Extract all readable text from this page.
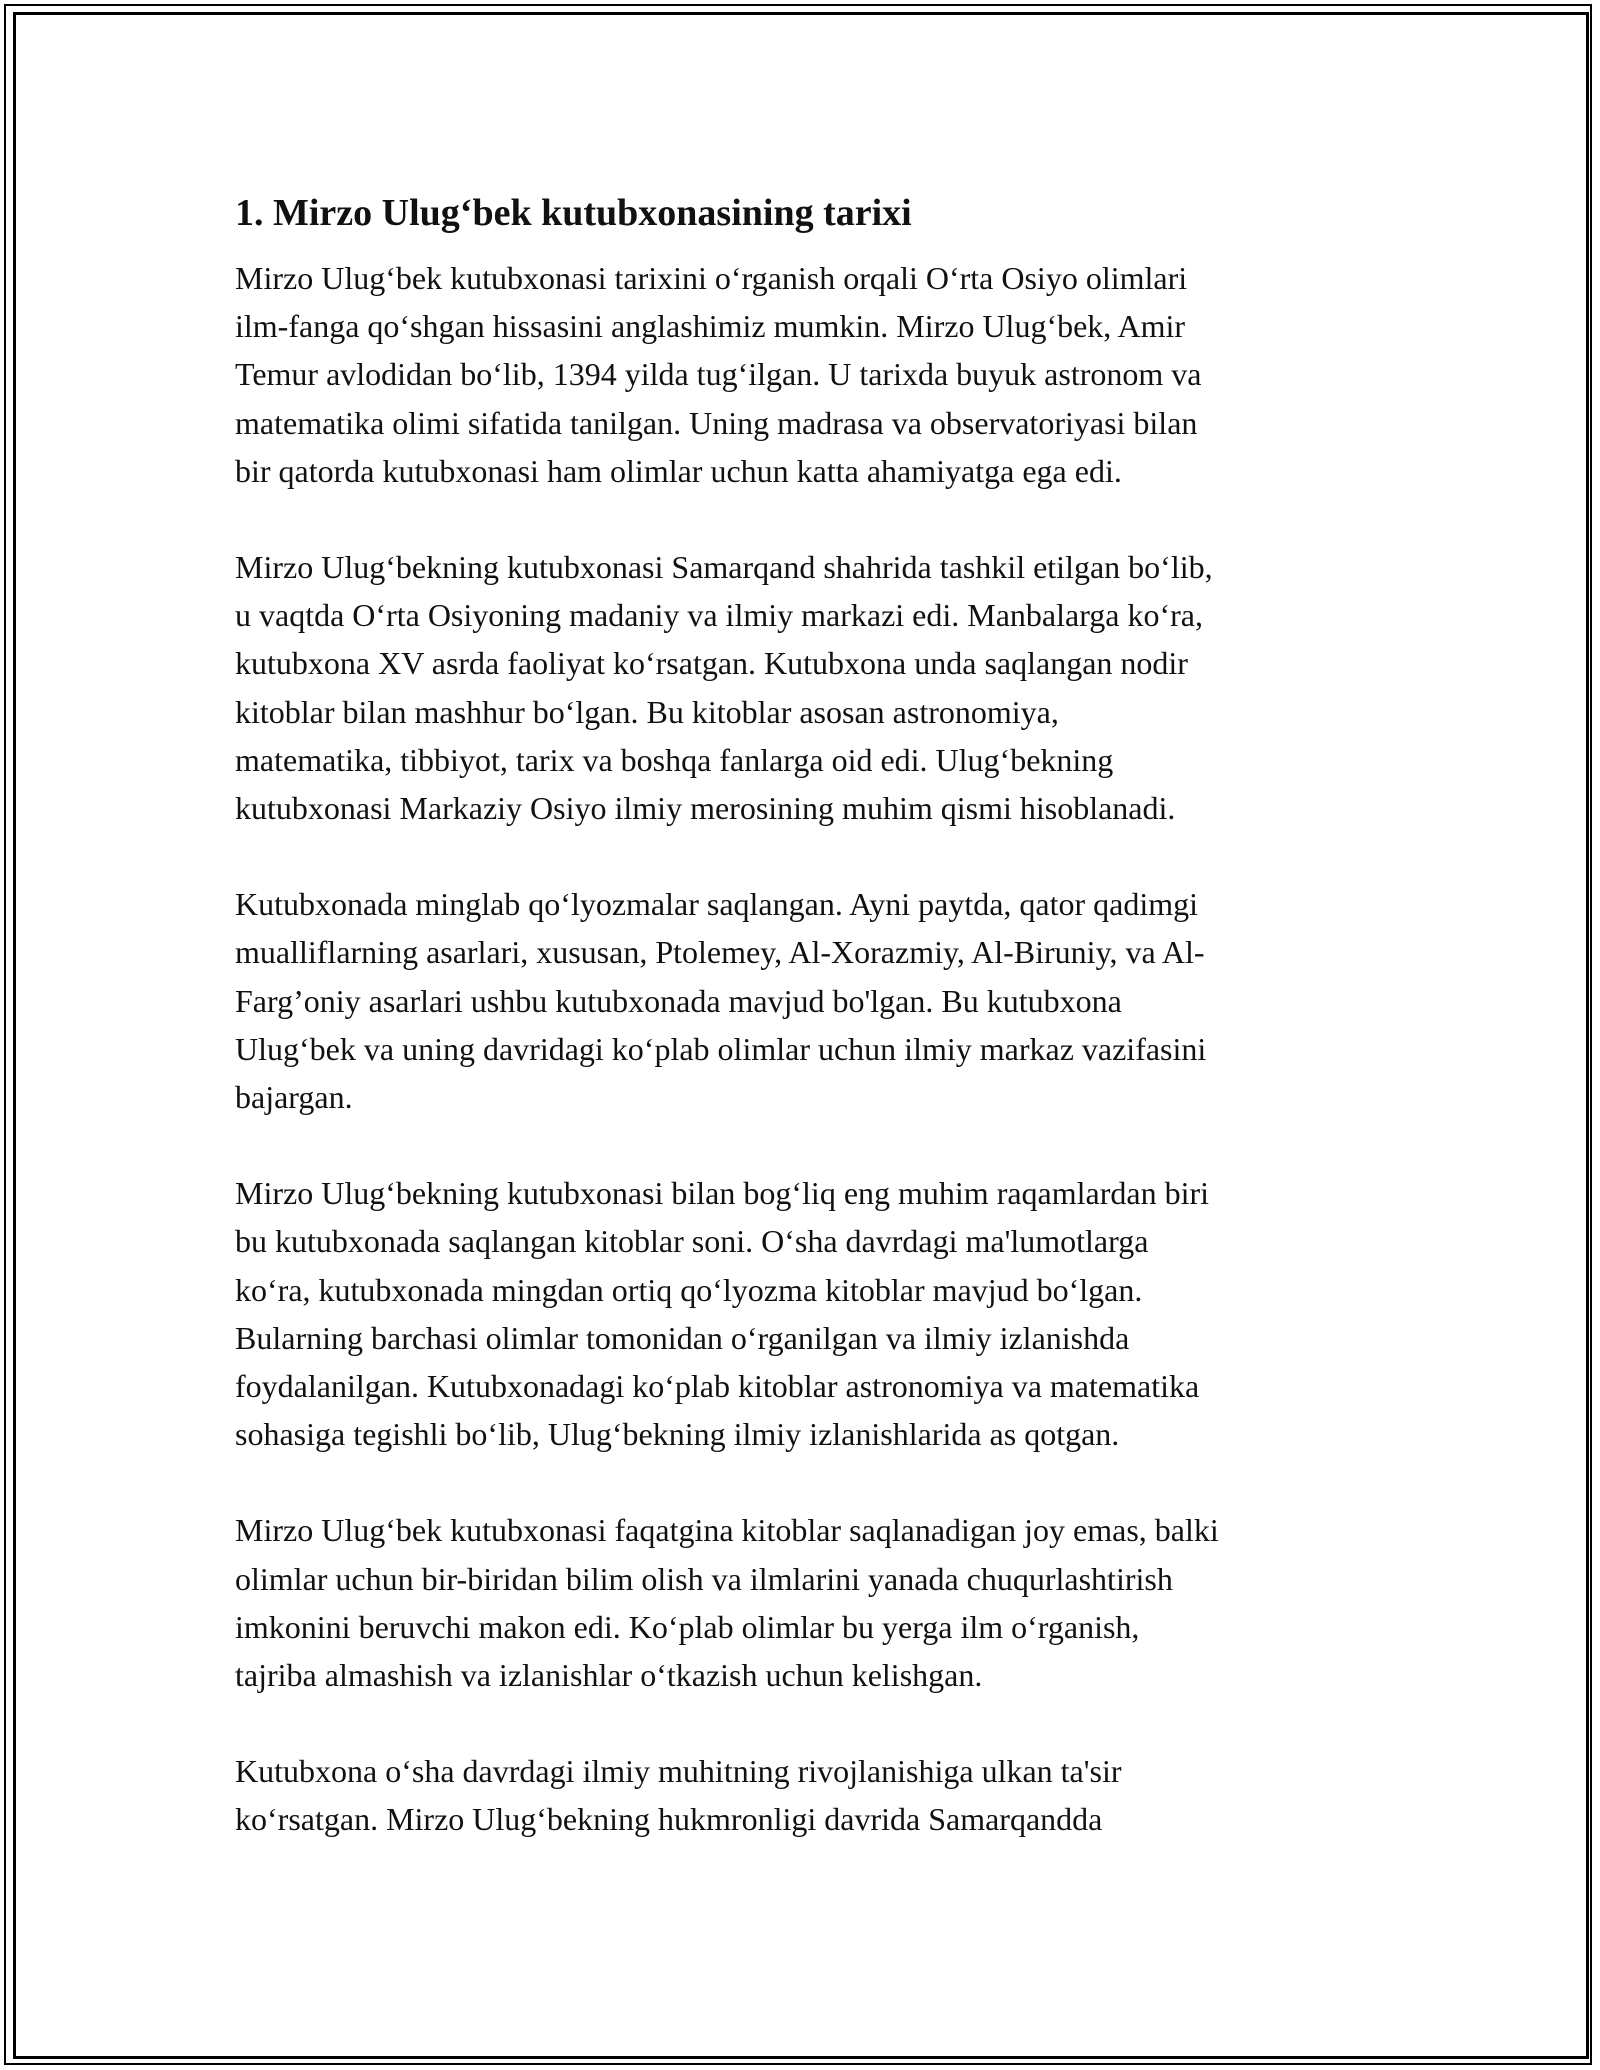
1. Mirzo Ulug‘bek kutubxonasining tarixi
Mirzo Ulug‘bek kutubxonasi tarixini o‘rganish orqali O‘rta Osiyo olimlari
ilm-fanga qo‘shgan hissasini anglashimiz mumkin. Mirzo Ulug‘bek, Amir
Temur avlodidan bo‘lib, 1394 yilda tug‘ilgan. U tarixda buyuk astronom va
matematika olimi sifatida tanilgan. Uning madrasa va observatoriyasi bilan
bir qatorda kutubxonasi ham olimlar uchun katta ahamiyatga ega edi.
Mirzo Ulug‘bekning kutubxonasi Samarqand shahrida tashkil etilgan bo‘lib,
u vaqtda O‘rta Osiyoning madaniy va ilmiy markazi edi. Manbalarga ko‘ra,
kutubxona XV asrda faoliyat ko‘rsatgan. Kutubxona unda saqlangan nodir
kitoblar bilan mashhur bo‘lgan. Bu kitoblar asosan astronomiya,
matematika, tibbiyot, tarix va boshqa fanlarga oid edi. Ulug‘bekning
kutubxonasi Markaziy Osiyo ilmiy merosining muhim qismi hisoblanadi.
Kutubxonada minglab qo‘lyozmalar saqlangan. Ayni paytda, qator qadimgi
mualliflarning asarlari, xususan, Ptolemey, Al-Xorazmiy, Al-Biruniy, va Al-
Farg’oniy asarlari ushbu kutubxonada mavjud bo'lgan. Bu kutubxona
Ulug‘bek va uning davridagi ko‘plab olimlar uchun ilmiy markaz vazifasini
bajargan.
Mirzo Ulug‘bekning kutubxonasi bilan bog‘liq eng muhim raqamlardan biri
bu kutubxonada saqlangan kitoblar soni. O‘sha davrdagi ma'lumotlarga
ko‘ra, kutubxonada mingdan ortiq qo‘lyozma kitoblar mavjud bo‘lgan.
Bularning barchasi olimlar tomonidan o‘rganilgan va ilmiy izlanishda
foydalanilgan. Kutubxonadagi ko‘plab kitoblar astronomiya va matematika
sohasiga tegishli bo‘lib, Ulug‘bekning ilmiy izlanishlarida as qotgan.
Mirzo Ulug‘bek kutubxonasi faqatgina kitoblar saqlanadigan joy emas, balki
olimlar uchun bir-biridan bilim olish va ilmlarini yanada chuqurlashtirish
imkonini beruvchi makon edi. Ko‘plab olimlar bu yerga ilm o‘rganish,
tajriba almashish va izlanishlar o‘tkazish uchun kelishgan.
Kutubxona o‘sha davrdagi ilmiy muhitning rivojlanishiga ulkan ta'sir
ko‘rsatgan. Mirzo Ulug‘bekning hukmronligi davrida Samarqandda
